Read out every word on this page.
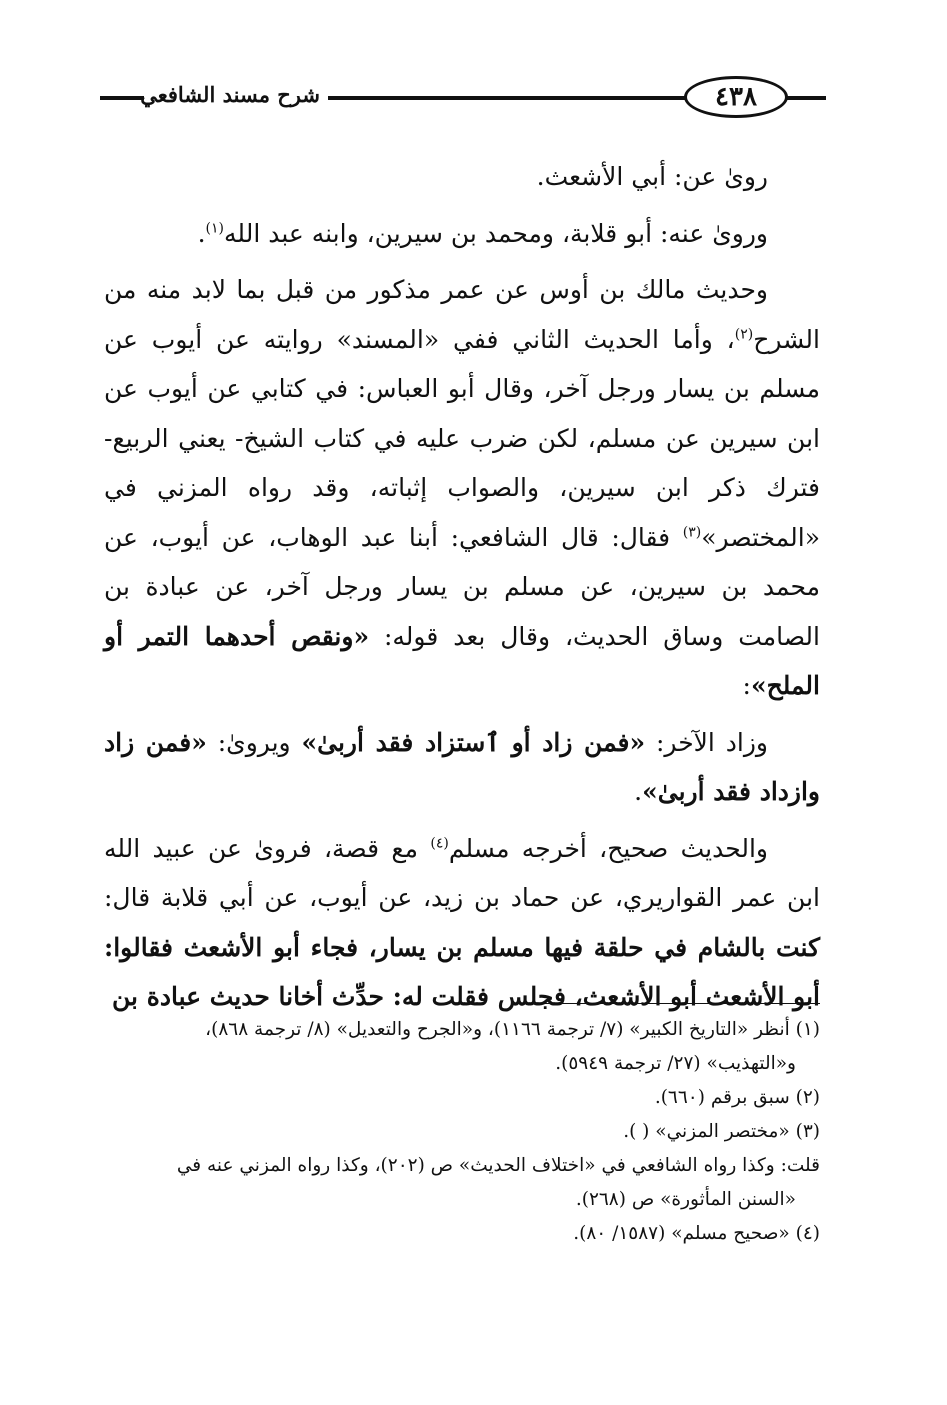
شرح مسند الشافعي	٤٣٨

روىٰ عن: أبي الأشعث.

وروىٰ عنه: أبو قلابة، ومحمد بن سيرين، وابنه عبد الله$^{(١)}$.

وحديث مالك بن أوس عن عمر مذكور من قبل بما لابد منه من الشرح$^{(٢)}$، وأما الحديث الثاني ففي «المسند» روايته عن أيوب عن مسلم بن يسار ورجل آخر، وقال أبو العباس: في كتابي عن أيوب عن ابن سيرين عن مسلم، لكن ضرب عليه في كتاب الشيخ- يعني الربيع- فترك ذكر ابن سيرين، والصواب إثباته، وقد رواه المزني في «المختصر»$^{(٣)}$ فقال: قال الشافعي: أبنا عبد الوهاب، عن أيوب، عن محمد بن سيرين، عن مسلم بن يسار ورجل آخر، عن عبادة بن الصامت وساق الحديث، وقال بعد قوله: «ونقص أحدهما التمر أو الملح»:

وزاد الآخر: «فمن زاد أو ٱستزاد فقد أربىٰ» ويروىٰ: «فمن زاد وازداد فقد أربىٰ».

والحديث صحيح، أخرجه مسلم$^{(٤)}$ مع قصة، فروىٰ عن عبيد الله ابن عمر القواريري، عن حماد بن زيد، عن أيوب، عن أبي قلابة قال: كنت بالشام في حلقة فيها مسلم بن يسار، فجاء أبو الأشعث فقالوا: أبو الأشعث أبو الأشعث، فجلس فقلت له: حدِّث أخانا حديث عبادة بن

(١) أنظر «التاريخ الكبير» (٧/ ترجمة ١١٦٦)، و«الجرح والتعديل» (٨/ ترجمة ٨٦٨)،

و«التهذيب» (٢٧/ ترجمة ٥٩٤٩).

(٢) سبق برقم (٦٦٠).

(٣) «مختصر المزني» ( ).

قلت: وكذا رواه الشافعي في «اختلاف الحديث» ص (٢٠٢)، وكذا رواه المزني عنه في

«السنن المأثورة» ص (٢٦٨).

(٤) «صحيح مسلم» (١٥٨٧/ ٨٠).
